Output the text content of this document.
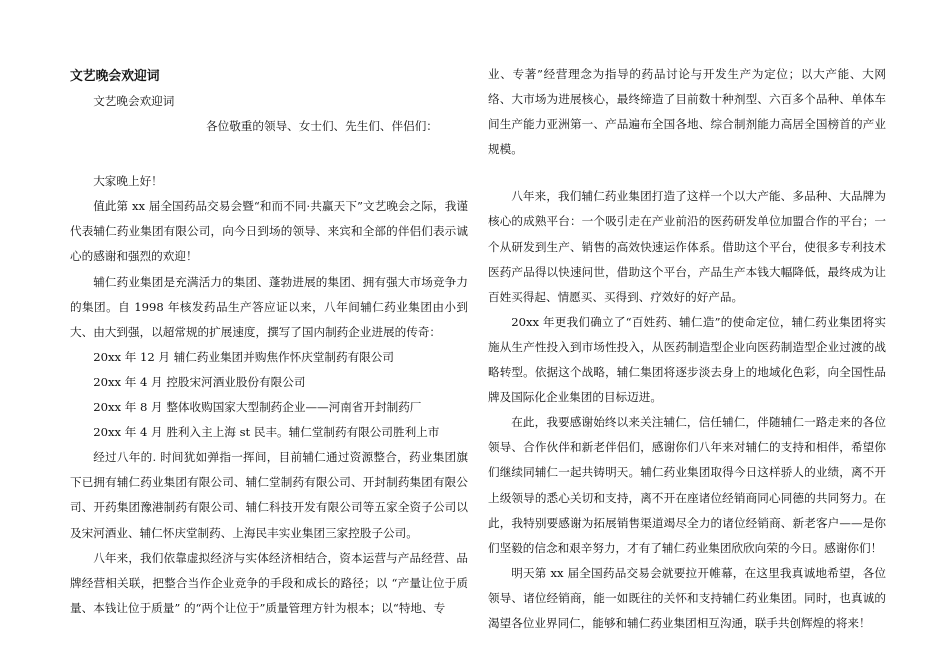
文艺晚会欢迎词
文艺晚会欢迎词
各位敬重的领导、女士们、先生们、伴侣们：

大家晚上好！

值此第 xx 届全国药品交易会暨“和而不同·共赢天下”文艺晚会之际，我谨代表辅仁药业集团有限公司，向今日到场的领导、来宾和全部的伴侣们表示诚心的感谢和强烈的欢迎！

辅仁药业集团是充满活力的集团、蓬勃进展的集团、拥有强大市场竞争力的集团。自 1998 年核发药品生产答应证以来，八年间辅仁药业集团由小到大、由大到强，以超常规的扩展速度，撰写了国内制药企业进展的传奇：

20xx 年 12 月 辅仁药业集团并购焦作怀庆堂制药有限公司

20xx 年 4 月 控股宋河酒业股份有限公司

20xx 年 8 月 整体收购国家大型制药企业——河南省开封制药厂

20xx 年 4 月 胜利入主上海 st 民丰。辅仁堂制药有限公司胜利上市

经过八年的. 时间犹如弹指一挥间，目前辅仁通过资源整合，药业集团旗下已拥有辅仁药业集团有限公司、辅仁堂制药有限公司、开封制药集团有限公司、开药集团豫港制药有限公司、辅仁科技开发有限公司等五家全资子公司以及宋河酒业、辅仁怀庆堂制药、上海民丰实业集团三家控股子公司。

八年来，我们依靠虚拟经济与实体经济相结合，资本运营与产品经营、品牌经营相关联，把整合当作企业竞争的手段和成长的路径；以 “产量让位于质量、本钱让位于质量” 的“两个让位于”质量管理方针为根本；以“特地、专

业、专著”经营理念为指导的药品讨论与开发生产为定位；以大产能、大网络、大市场为进展核心，最终缔造了目前数十种剂型、六百多个品种、单体车间生产能力亚洲第一、产品遍布全国各地、综合制剂能力高居全国榜首的产业规模。

八年来，我们辅仁药业集团打造了这样一个以大产能、多品种、大品牌为核心的成熟平台：一个吸引走在产业前沿的医药研发单位加盟合作的平台；一个从研发到生产、销售的高效快速运作体系。借助这个平台，使很多专利技术医药产品得以快速问世，借助这个平台，产品生产本钱大幅降低，最终成为让百姓买得起、情愿买、买得到、疗效好的好产品。

20xx 年更我们确立了“百姓药、辅仁造”的使命定位，辅仁药业集团将实施从生产性投入到市场性投入，从医药制造型企业向医药制造型企业过渡的战略转型。依据这个战略，辅仁集团将逐步淡去身上的地域化色彩，向全国性品牌及国际化企业集团的目标迈进。

在此，我要感谢始终以来关注辅仁，信任辅仁，伴随辅仁一路走来的各位领导、合作伙伴和新老伴侣们，感谢你们八年来对辅仁的支持和相伴，希望你们继续同辅仁一起共铸明天。辅仁药业集团取得今日这样骄人的业绩，离不开上级领导的悉心关切和支持，离不开在座诸位经销商同心同德的共同努力。在此，我特别要感谢为拓展销售渠道竭尽全力的诸位经销商、新老客户——是你们坚毅的信念和艰辛努力，才有了辅仁药业集团欣欣向荣的今日。感谢你们！

明天第 xx 届全国药品交易会就要拉开帷幕，在这里我真诚地希望，各位领导、诸位经销商，能一如既往的关怀和支持辅仁药业集团。同时，也真诚的渴望各位业界同仁，能够和辅仁药业集团相互沟通，联手共创辉煌的将来！
